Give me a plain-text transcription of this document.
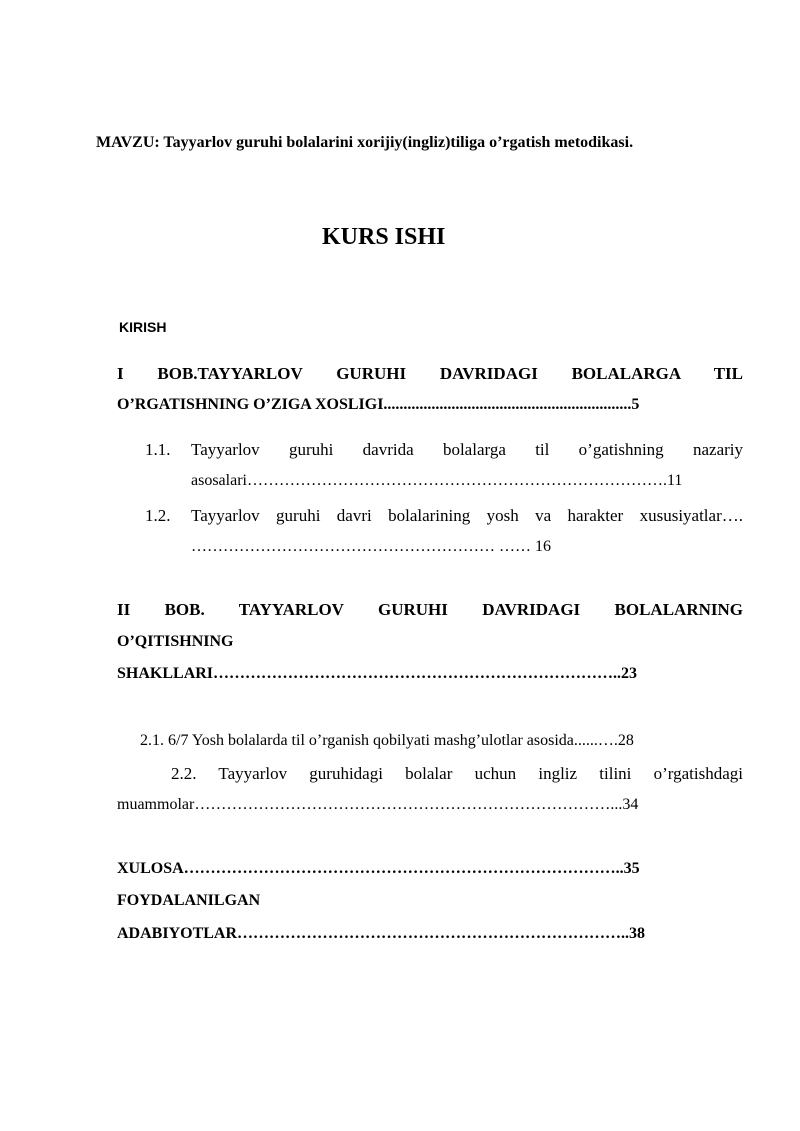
MAVZU: Tayyarlov guruhi bolalarini xorijiy(ingliz)tiliga o’rgatish metodikasi.
KURS ISHI
KIRISH
I BOB.TAYYARLOV GURUHI DAVRIDAGI BOLALARGA TIL
O’RGATISHNING O’ZIGA XOSLIGI..............................................................5
1.1. Tayyarlov guruhi davrida bolalarga til o’gatishning nazariy
asosalari…………………………………………………………………….11
1.2. Tayyarlov guruhi davri bolalarining yosh va harakter xususiyatlar….
………………………………………………… …… 16
II BOB. TAYYARLOV GURUHI DAVRIDAGI BOLALARNING
O’QITISHNING
SHAKLLARI…………………………………………………………………..23
2.1. 6/7 Yosh bolalarda til o’rganish qobilyati mashg’ulotlar asosida......….28
2.2. Tayyarlov guruhidagi bolalar uchun ingliz tilini o’rgatishdagi
muammolar……………………………………………………………………...34
XULOSA………………………………………………………………………..35
FOYDALANILGAN
ADABIYOTLAR………………………………………………………………..38
